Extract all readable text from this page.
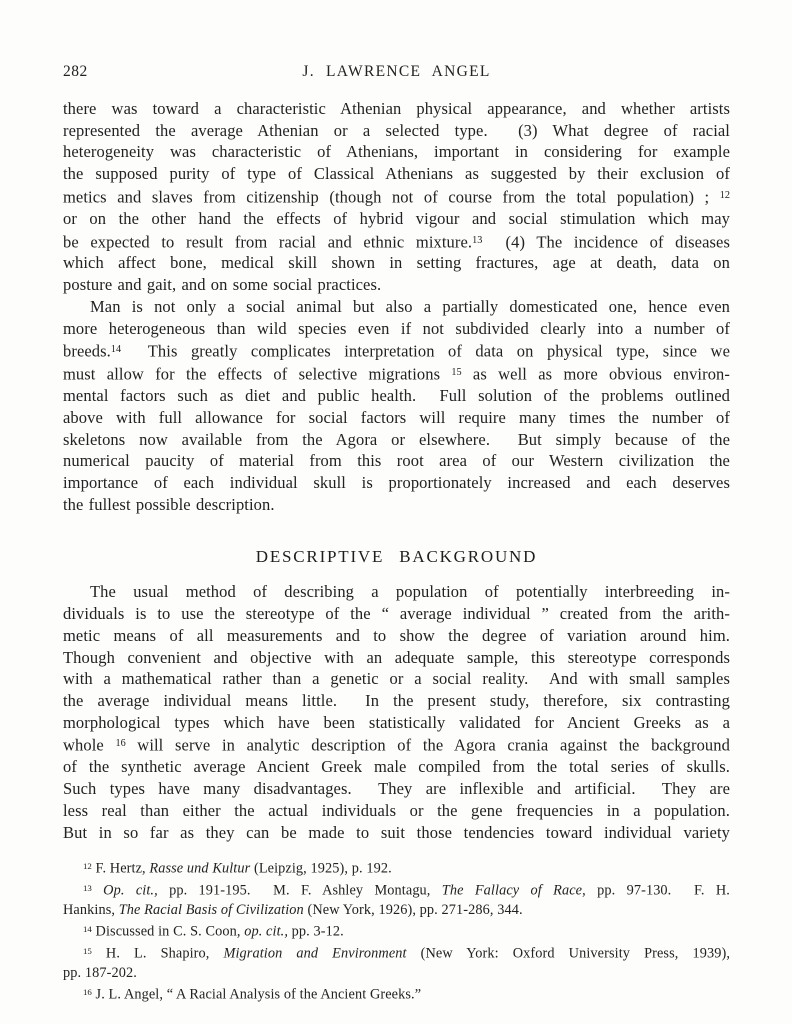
282	J. LAWRENCE ANGEL
there was toward a characteristic Athenian physical appearance, and whether artists
represented the average Athenian or a selected type.  (3) What degree of racial
heterogeneity was characteristic of Athenians, important in considering for example
the supposed purity of type of Classical Athenians as suggested by their exclusion of
metics and slaves from citizenship (though not of course from the total population) ; $^{12}$
or on the other hand the effects of hybrid vigour and social stimulation which may
be expected to result from racial and ethnic mixture.$^{13}$  (4) The incidence of diseases
which affect bone, medical skill shown in setting fractures, age at death, data on
posture and gait, and on some social practices.
Man is not only a social animal but also a partially domesticated one, hence even
more heterogeneous than wild species even if not subdivided clearly into a number of
breeds.$^{14}$  This greatly complicates interpretation of data on physical type, since we
must allow for the effects of selective migrations $^{15}$ as well as more obvious environ-
mental factors such as diet and public health.  Full solution of the problems outlined
above with full allowance for social factors will require many times the number of
skeletons now available from the Agora or elsewhere.  But simply because of the
numerical paucity of material from this root area of our Western civilization the
importance of each individual skull is proportionately increased and each deserves
the fullest possible description.
DESCRIPTIVE BACKGROUND
The usual method of describing a population of potentially interbreeding in-
dividuals is to use the stereotype of the “ average individual ” created from the arith-
metic means of all measurements and to show the degree of variation around him.
Though convenient and objective with an adequate sample, this stereotype corresponds
with a mathematical rather than a genetic or a social reality.  And with small samples
the average individual means little.  In the present study, therefore, six contrasting
morphological types which have been statistically validated for Ancient Greeks as a
whole $^{16}$ will serve in analytic description of the Agora crania against the background
of the synthetic average Ancient Greek male compiled from the total series of skulls.
Such types have many disadvantages.  They are inflexible and artificial.  They are
less real than either the actual individuals or the gene frequencies in a population.
But in so far as they can be made to suit those tendencies toward individual variety
$^{12}$ F. Hertz, Rasse und Kultur (Leipzig, 1925), p. 192.
$^{13}$ Op. cit., pp. 191-195.  M. F. Ashley Montagu, The Fallacy of Race, pp. 97-130.  F. H.
Hankins, The Racial Basis of Civilization (New York, 1926), pp. 271-286, 344.
$^{14}$ Discussed in C. S. Coon, op. cit., pp. 3-12.
$^{15}$ H. L. Shapiro, Migration and Environment (New York: Oxford University Press, 1939),
pp. 187-202.
$^{16}$ J. L. Angel, “ A Racial Analysis of the Ancient Greeks.”
